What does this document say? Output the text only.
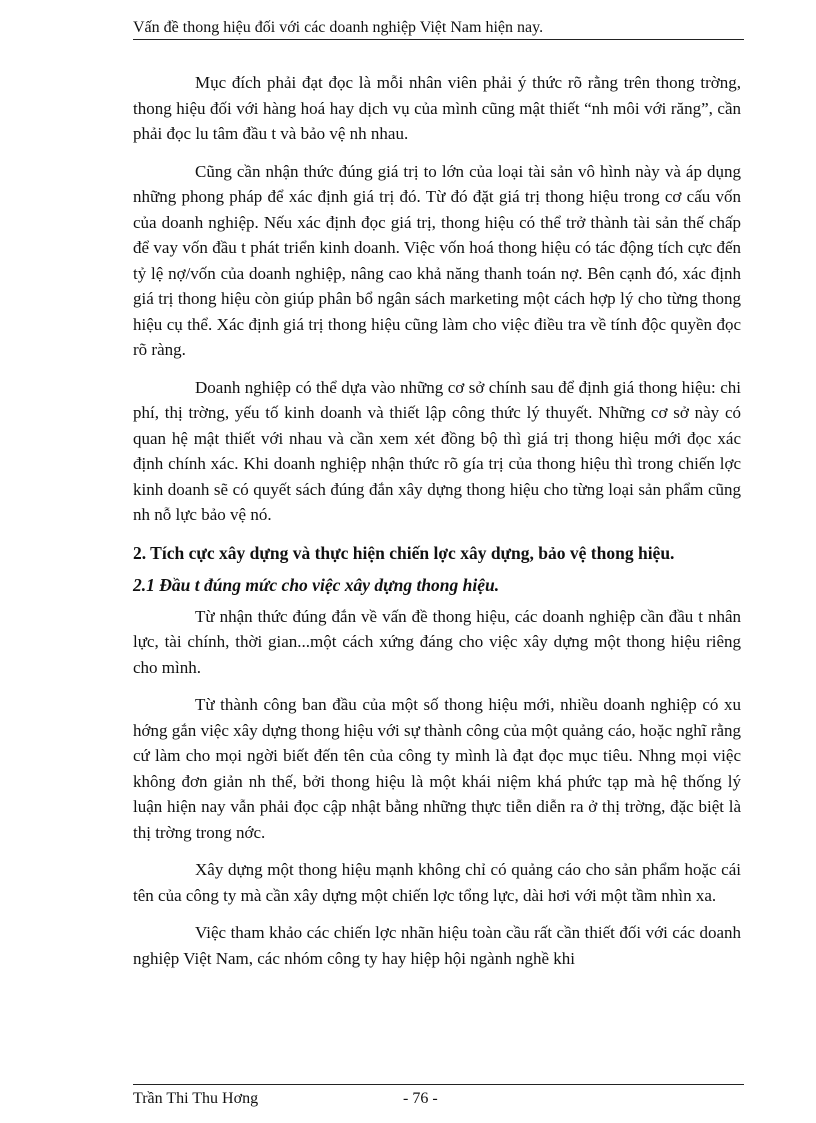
Vấn đề thong hiệu đối với các doanh nghiệp Việt Nam hiện nay.

Mục đích phải đạt đọc là mỗi nhân viên phải ý thức rõ rằng trên thong trờng, thong hiệu đối với hàng hoá hay dịch vụ của mình cũng mật thiết “nh môi với răng”, cần phải đọc lu tâm đầu t và bảo vệ nh nhau.

Cũng cần nhận thức đúng giá trị to lớn của loại tài sản vô hình này và áp dụng những phong pháp để xác định giá trị đó. Từ đó đặt giá trị thong hiệu trong cơ cấu vốn của doanh nghiệp. Nếu xác định đọc giá trị, thong hiệu có thể trở thành tài sản thế chấp để vay vốn đầu t phát triển kinh doanh. Việc vốn hoá thong hiệu có tác động tích cực đến tỷ lệ nợ/vốn của doanh nghiệp, nâng cao khả năng thanh toán nợ. Bên cạnh đó, xác định giá trị thong hiệu còn giúp phân bổ ngân sách marketing một cách hợp lý cho từng thong hiệu cụ thể. Xác định giá trị thong hiệu cũng làm cho việc điều tra về tính độc quyền đọc rõ ràng.

Doanh nghiệp có thể dựa vào những cơ sở chính sau để định giá thong hiệu: chi phí, thị trờng, yếu tố kinh doanh và thiết lập công thức lý thuyết. Những cơ sở này có quan hệ mật thiết với nhau và cần xem xét đồng bộ thì giá trị thong hiệu mới đọc xác định chính xác. Khi doanh nghiệp nhận thức rõ gía trị của thong hiệu thì trong chiến lợc kinh doanh sẽ có quyết sách đúng đắn xây dựng thong hiệu cho từng loại sản phẩm cũng nh nỗ lực bảo vệ nó.

2. Tích cực xây dựng và thực hiện chiến lợc xây dựng, bảo vệ thong hiệu.
2.1 Đầu t đúng mức cho việc xây dựng thong hiệu.

Từ nhận thức đúng đắn về vấn đề thong hiệu, các doanh nghiệp cần đầu t nhân lực, tài chính, thời gian...một cách xứng đáng cho việc xây dựng một thong hiệu riêng cho mình.

Từ thành công ban đầu của một số thong hiệu mới, nhiều doanh nghiệp có xu hớng gắn việc xây dựng thong hiệu với sự thành công của một quảng cáo, hoặc nghĩ rằng cứ làm cho mọi ngời biết đến tên của công ty mình là đạt đọc mục tiêu. Nhng mọi việc không đơn giản nh thế, bởi thong hiệu là một khái niệm khá phức tạp mà hệ thống lý luận hiện nay vẫn phải đọc cập nhật bằng những thực tiễn diễn ra ở thị trờng, đặc biệt là thị trờng trong nớc.

Xây dựng một thong hiệu mạnh không chỉ có quảng cáo cho sản phẩm hoặc cái tên của công ty mà cần xây dựng một chiến lợc tổng lực, dài hơi với một tầm nhìn xa.

Việc tham khảo các chiến lợc nhãn hiệu toàn cầu rất cần thiết đối với các doanh nghiệp Việt Nam, các nhóm công ty hay hiệp hội ngành nghề khi

Trần Thi Thu Hơng	- 76 -
